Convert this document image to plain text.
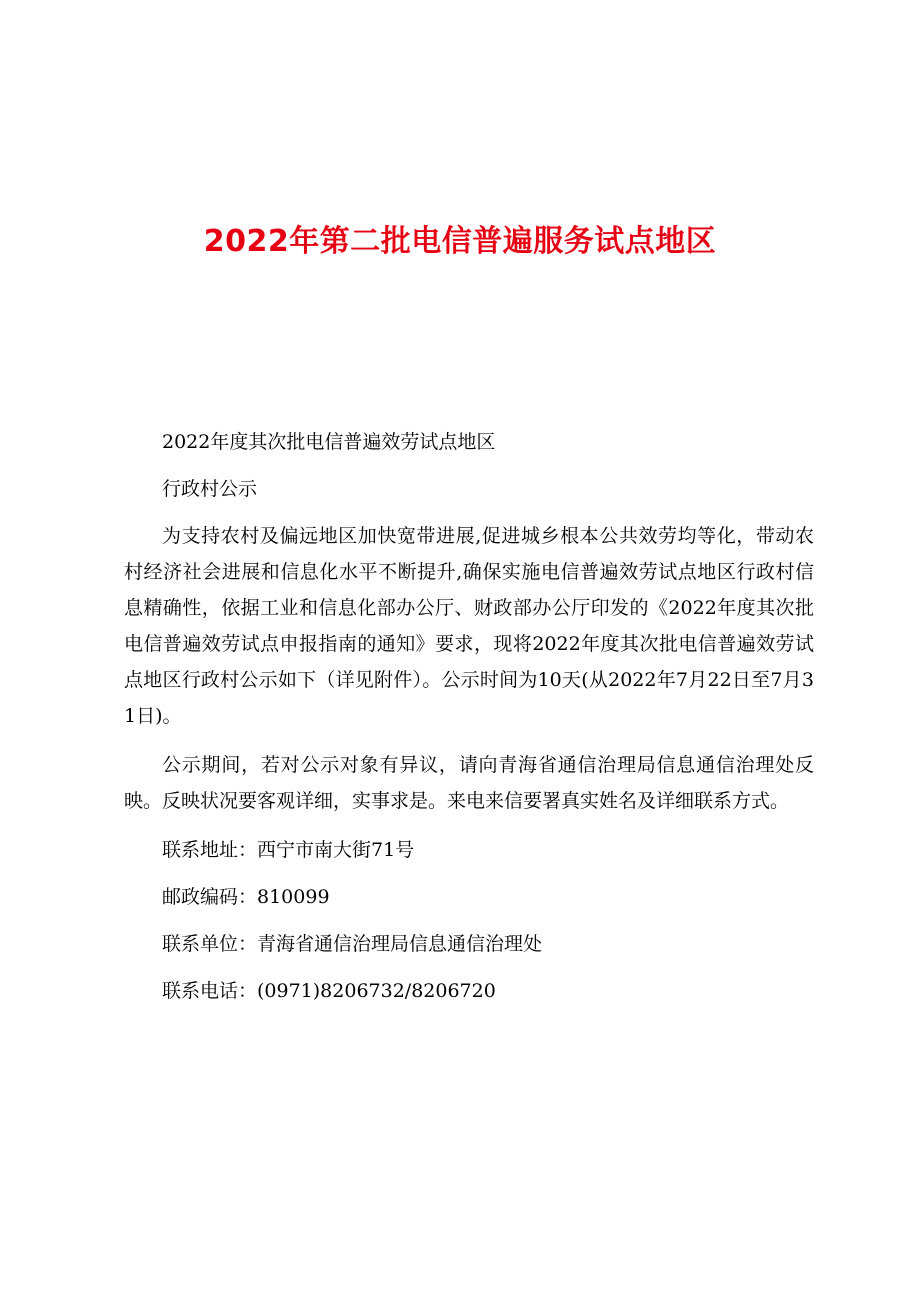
2022年第二批电信普遍服务试点地区

2022年度其次批电信普遍效劳试点地区

行政村公示

为支持农村及偏远地区加快宽带进展,促进城乡根本公共效劳均等化，带动农村经济社会进展和信息化水平不断提升,确保实施电信普遍效劳试点地区行政村信息精确性，依据工业和信息化部办公厅、财政部办公厅印发的《2022年度其次批电信普遍效劳试点申报指南的通知》要求，现将2022年度其次批电信普遍效劳试点地区行政村公示如下（详见附件）。公示时间为10天(从2022年7月22日至7月31日)。

公示期间，若对公示对象有异议，请向青海省通信治理局信息通信治理处反映。反映状况要客观详细，实事求是。来电来信要署真实姓名及详细联系方式。

联系地址：西宁市南大街71号

邮政编码：810099

联系单位：青海省通信治理局信息通信治理处

联系电话：(0971)8206732/8206720
